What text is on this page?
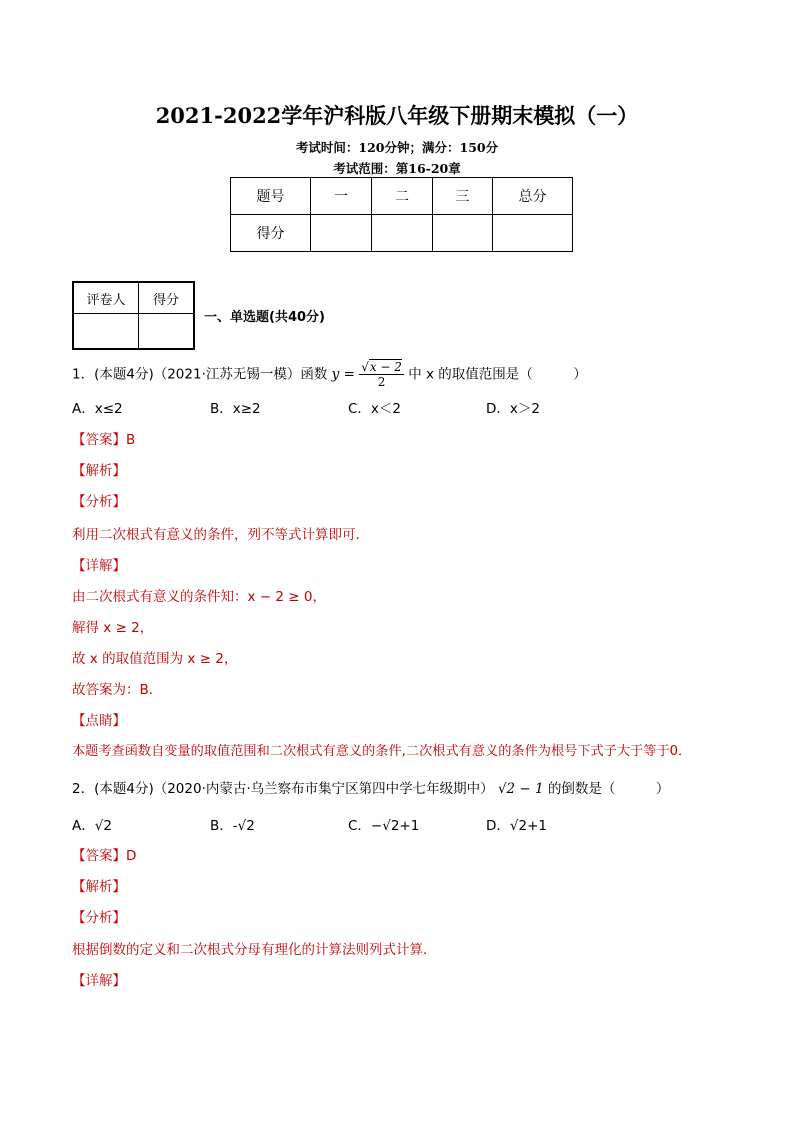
2021-2022学年沪科版八年级下册期末模拟（一）
考试时间：120分钟；满分：150分
考试范围：第16-20章
题号	一	二	三	总分
得分				
评卷人	得分

一、单选题(共40分)
1．(本题4分)（2021·江苏无锡一模）函数 $y = \frac{√x - 2}{2}$ 中 x 的取值范围是（　　　）
A．x≤2	B．x≥2	C．x＜2	D．x＞2
【答案】B
【解析】
【分析】
利用二次根式有意义的条件，列不等式计算即可．
【详解】
由二次根式有意义的条件知：x − 2 ≥ 0，
解得 x ≥ 2，
故 x 的取值范围为 x ≥ 2，
故答案为：B．
【点睛】
本题考查函数自变量的取值范围和二次根式有意义的条件,二次根式有意义的条件为根号下式子大于等于0．
2．(本题4分)（2020·内蒙古·乌兰察布市集宁区第四中学七年级期中） √2 − 1 的倒数是（　　　）
A．√2	B．-√2	C．−√2+1	D．√2+1
【答案】D
【解析】
【分析】
根据倒数的定义和二次根式分母有理化的计算法则列式计算．
【详解】
